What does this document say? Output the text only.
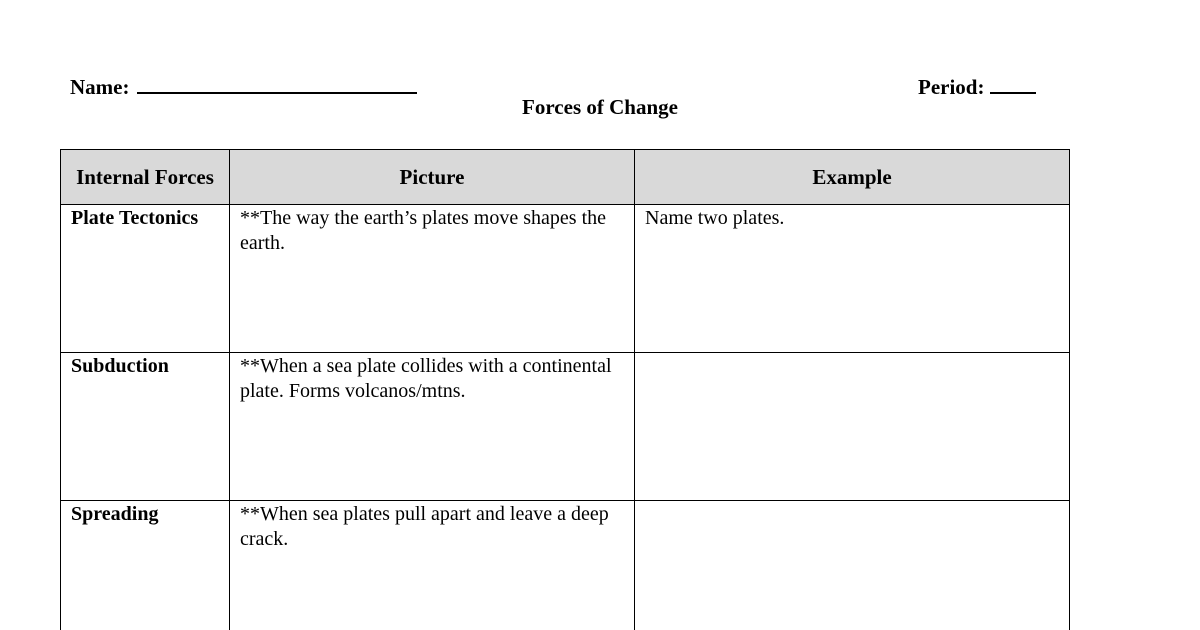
Name:	Period:
Forces of Change
Internal Forces	Picture	Example
Plate Tectonics	**The way the earth’s plates move shapes the earth.	Name two plates.
Subduction	**When a sea plate collides with a continental plate. Forms volcanos/mtns.	
Spreading	**When sea plates pull apart and leave a deep crack.	
